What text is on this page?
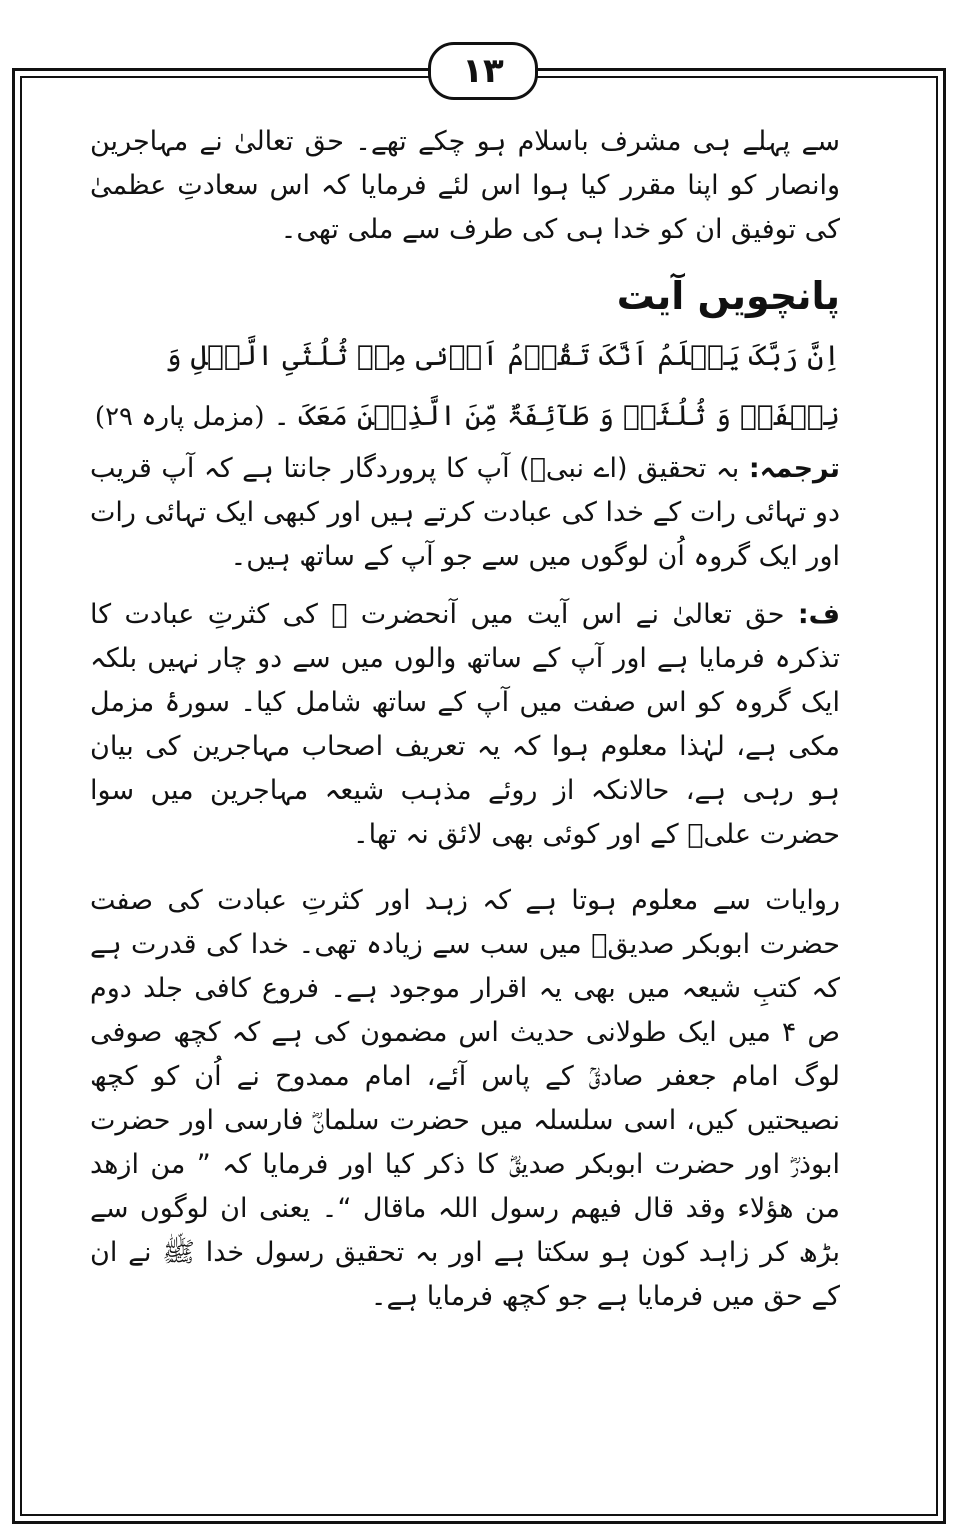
۱۳

سے پہلے ہی مشرف باسلام ہو چکے تھے۔ حق تعالیٰ نے مہاجرین وانصار کو اپنا مقرر کیا ہوا اس لئے فرمایا کہ اس سعادتِ عظمیٰ کی توفیق ان کو خدا ہی کی طرف سے ملی تھی۔

پانچویں آیت

اِنَّ رَبَّکَ یَعۡلَمُ اَنَّکَ تَقُوۡمُ اَدۡنٰی مِنۡ ثُلُثَیِ الَّیۡلِ وَ نِصۡفَہٗ وَ ثُلُثَہٗ وَ طَآئِفَۃٌ مِّنَ الَّذِیۡنَ مَعَکَ ۔ (مزمل پارہ ۲۹)

ترجمہ: بہ تحقیق (اے نبیؐ) آپ کا پروردگار جانتا ہے کہ آپ قریب دو تہائی رات کے خدا کی عبادت کرتے ہیں اور کبھی ایک تہائی رات اور ایک گروہ اُن لوگوں میں سے جو آپ کے ساتھ ہیں۔

ف: حق تعالیٰ نے اس آیت میں آنحضرت ﷺ کی کثرتِ عبادت کا تذکرہ فرمایا ہے اور آپ کے ساتھ والوں میں سے دو چار نہیں بلکہ ایک گروہ کو اس صفت میں آپ کے ساتھ شامل کیا۔ سورۂ مزمل مکی ہے، لہٰذا معلوم ہوا کہ یہ تعریف اصحاب مہاجرین کی بیان ہو رہی ہے، حالانکہ از روئے مذہب شیعہ مہاجرین میں سوا حضرت علیؓ کے اور کوئی بھی لائق نہ تھا۔

روایات سے معلوم ہوتا ہے کہ زہد اور کثرتِ عبادت کی صفت حضرت ابوبکر صدیقؓ میں سب سے زیادہ تھی۔ خدا کی قدرت ہے کہ کتبِ شیعہ میں بھی یہ اقرار موجود ہے۔ فروع کافی جلد دوم ص ۴ میں ایک طولانی حدیث اس مضمون کی ہے کہ کچھ صوفی لوگ امام جعفر صادقؒ کے پاس آئے، امام ممدوح نے اُن کو کچھ نصیحتیں کیں، اسی سلسلہ میں حضرت سلمانؓ فارسی اور حضرت ابوذرؓ اور حضرت ابوبکر صدیقؓ کا ذکر کیا اور فرمایا کہ ” من ازھد من ھؤلاء وقد قال فیھم رسول اللہ ماقال “۔ یعنی ان لوگوں سے بڑھ کر زاہد کون ہو سکتا ہے اور بہ تحقیق رسول خدا ﷺ نے ان کے حق میں فرمایا ہے جو کچھ فرمایا ہے۔
